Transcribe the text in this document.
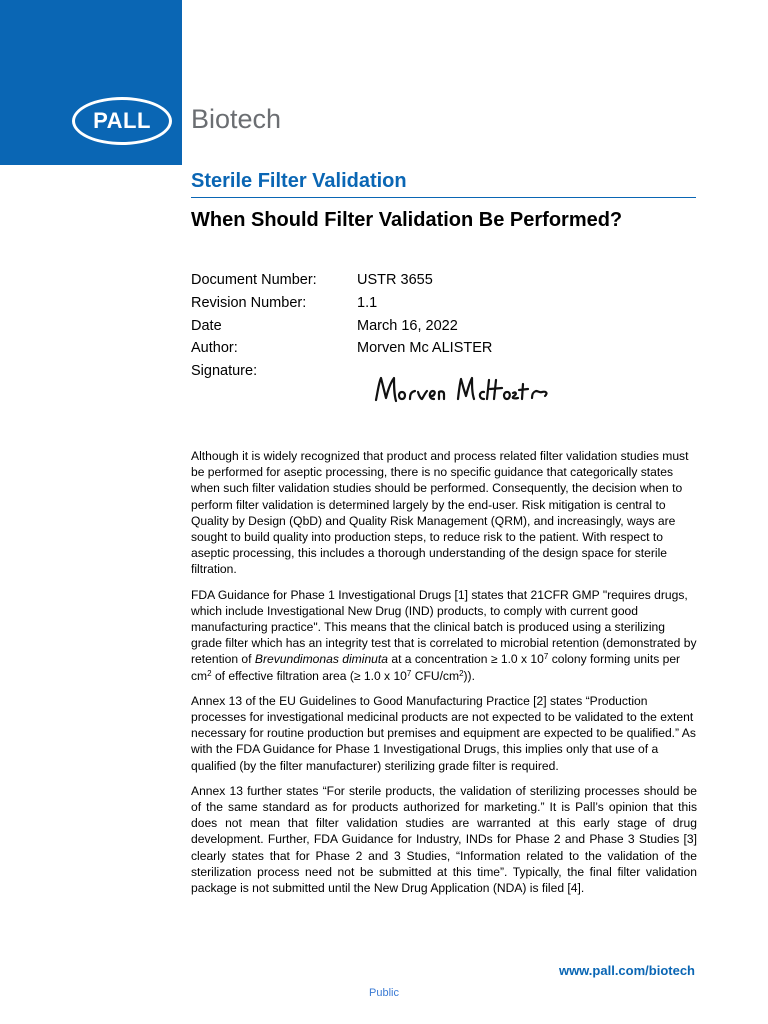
PALL Biotech
Sterile Filter Validation
When Should Filter Validation Be Performed?
Document Number:	USTR 3655
Revision Number:	1.1
Date	March 16, 2022
Author:	Morven Mc ALISTER
Signature:

Although it is widely recognized that product and process related filter validation studies must be performed for aseptic processing, there is no specific guidance that categorically states when such filter validation studies should be performed. Consequently, the decision when to perform filter validation is determined largely by the end-user. Risk mitigation is central to Quality by Design (QbD) and Quality Risk Management (QRM), and increasingly, ways are sought to build quality into production steps, to reduce risk to the patient. With respect to aseptic processing, this includes a thorough understanding of the design space for sterile filtration.

FDA Guidance for Phase 1 Investigational Drugs [1] states that 21CFR GMP "requires drugs, which include Investigational New Drug (IND) products, to comply with current good manufacturing practice". This means that the clinical batch is produced using a sterilizing grade filter which has an integrity test that is correlated to microbial retention (demonstrated by retention of Brevundimonas diminuta at a concentration ≥ 1.0 x $10^7$ colony forming units per $cm^2$ of effective filtration area (≥ 1.0 x $10^7$ CFU/$cm^2$)).

Annex 13 of the EU Guidelines to Good Manufacturing Practice [2] states “Production processes for investigational medicinal products are not expected to be validated to the extent necessary for routine production but premises and equipment are expected to be qualified.” As with the FDA Guidance for Phase 1 Investigational Drugs, this implies only that use of a qualified (by the filter manufacturer) sterilizing grade filter is required.

Annex 13 further states “For sterile products, the validation of sterilizing processes should be of the same standard as for products authorized for marketing.” It is Pall’s opinion that this does not mean that filter validation studies are warranted at this early stage of drug development. Further, FDA Guidance for Industry, INDs for Phase 2 and Phase 3 Studies [3] clearly states that for Phase 2 and 3 Studies, “Information related to the validation of the sterilization process need not be submitted at this time”. Typically, the final filter validation package is not submitted until the New Drug Application (NDA) is filed [4].

www.pall.com/biotech
Public
